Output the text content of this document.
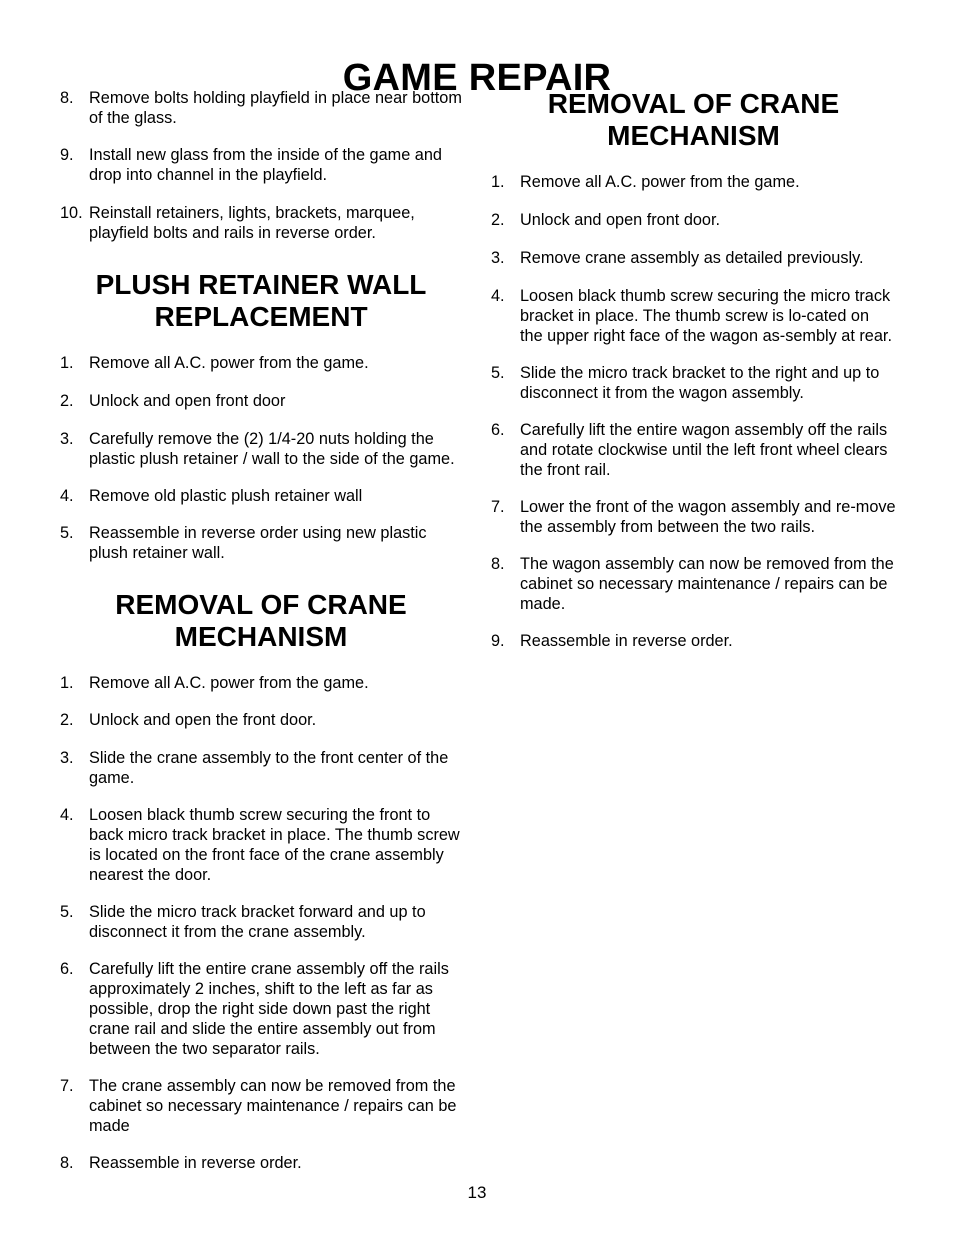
GAME REPAIR
8. Remove bolts holding playfield in place near bottom of the glass.
9. Install new glass from the inside of the game and drop into channel in the playfield.
10. Reinstall retainers, lights, brackets, marquee, playfield bolts and rails in reverse order.
PLUSH RETAINER WALL
REPLACEMENT
1. Remove all A.C. power from the game.
2. Unlock and open front door
3. Carefully remove the (2) 1/4-20 nuts holding the plastic plush retainer / wall to the side of the game.
4. Remove old plastic plush retainer wall
5. Reassemble in reverse order using new plastic plush retainer wall.
REMOVAL OF CRANE
MECHANISM
1. Remove all A.C. power from the game.
2. Unlock and open the front door.
3. Slide the crane assembly to the front center of the game.
4. Loosen black thumb screw securing the front to back micro track bracket in place. The thumb screw is located on the front face of the crane assembly nearest the door.
5. Slide the micro track bracket forward and up to disconnect it from the crane assembly.
6. Carefully lift the entire crane assembly off the rails approximately 2 inches, shift to the left as far as possible, drop the right side down past the right crane rail and slide the entire assembly out from between the two separator rails.
7. The crane assembly can now be removed from the cabinet so necessary maintenance / repairs can be made
8. Reassemble in reverse order.
REMOVAL OF CRANE
MECHANISM
1. Remove all A.C. power from the game.
2. Unlock and open front door.
3. Remove crane assembly as detailed previously.
4. Loosen black thumb screw securing the micro track bracket in place. The thumb screw is lo-cated on the upper right face of the wagon as-sembly at rear.
5. Slide the micro track bracket to the right and up to disconnect it from the wagon assembly.
6. Carefully lift the entire wagon assembly off the rails and rotate clockwise until the left front wheel clears the front rail.
7. Lower the front of the wagon assembly and re-move the assembly from between the two rails.
8. The wagon assembly can now be removed from the cabinet so necessary maintenance / repairs can be made.
9. Reassemble in reverse order.
13
